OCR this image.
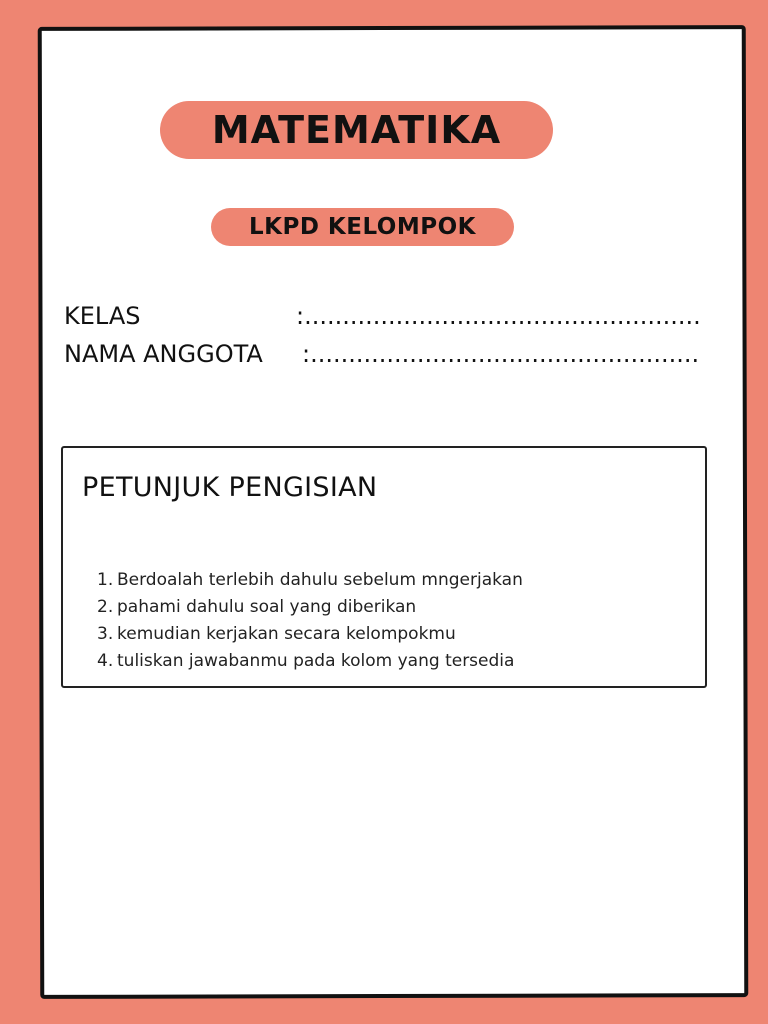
MATEMATIKA
LKPD KELOMPOK
KELAS	:....................................................
NAMA ANGGOTA :...................................................
PETUNJUK PENGISIAN
1. Berdoalah terlebih dahulu sebelum mngerjakan
2. pahami dahulu soal yang diberikan
3. kemudian kerjakan secara kelompokmu
4. tuliskan jawabanmu pada kolom yang tersedia
